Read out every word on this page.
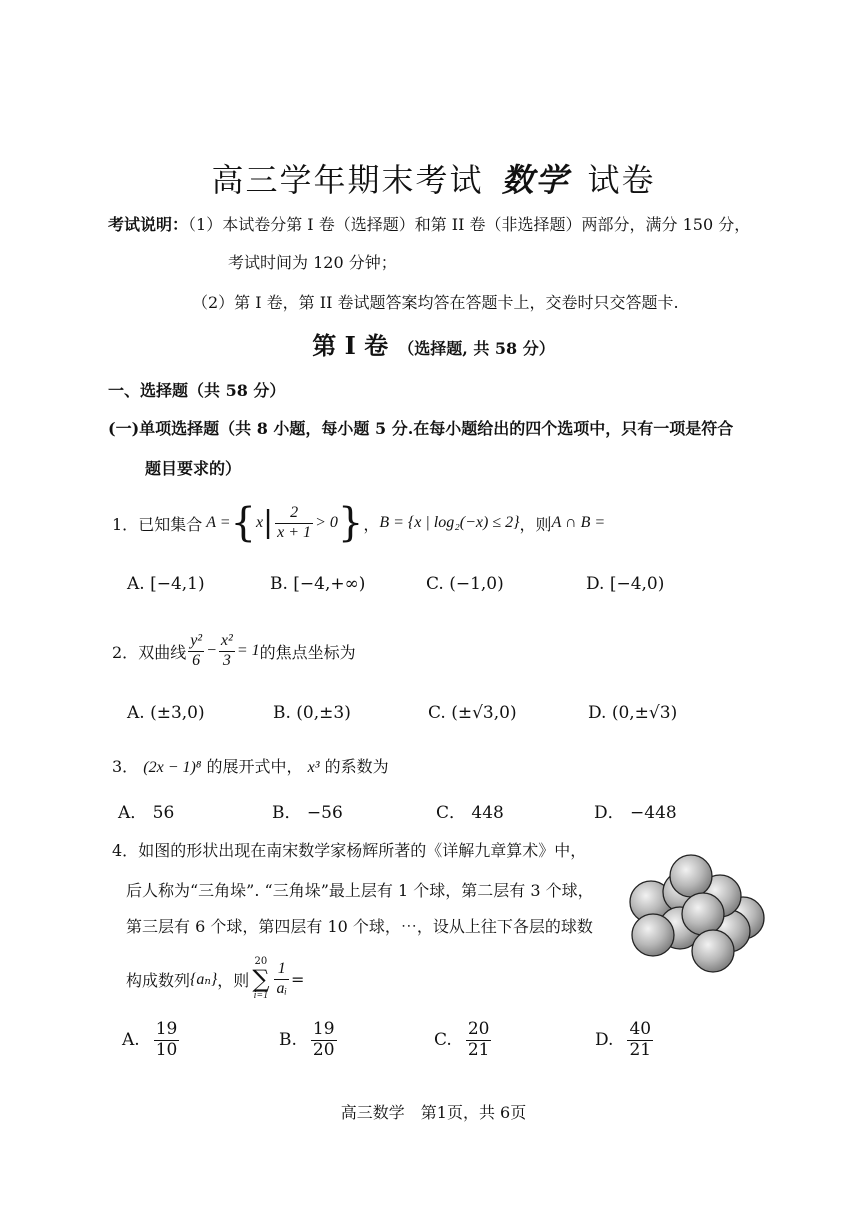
高三学年期末考试 数学 试卷
考试说明：（1）本试卷分第 I 卷（选择题）和第 II 卷（非选择题）两部分，满分 150 分，
考试时间为 120 分钟；
（2）第 I 卷，第 II 卷试题答案均答在答题卡上，交卷时只交答题卡.
第 I 卷 （选择题, 共 58 分）
一、选择题（共 58 分）
(一)单项选择题（共 8 小题，每小题 5 分.在每小题给出的四个选项中，只有一项是符合
题目要求的）
1． 已知集合 A = { x | $\frac{2}{x + 1} > 0$ } ， B = {x | log₂(−x) ≤ 2} ，则 A ∩ B =
A. [−4,1)	B. [−4,+∞)	C. (−1,0)	D. [−4,0)
2． 双曲线 $\frac{\text{y²}}{6} - \frac{\text{x²}}{3} = 1$ 的焦点坐标为
A. (±3,0)	B. (0,±3)	C. (±√3,0)	D. (0,±√3)
3． (2x − 1)⁸ 的展开式中， x³ 的系数为
A． 56	B． −56	C． 448	D． −448
4．如图的形状出现在南宋数学家杨辉所著的《详解九章算术》中，
后人称为“三角垛”. “三角垛”最上层有 1 个球，第二层有 3 个球，
第三层有 6 个球，第四层有 10 个球，⋯，设从上往下各层的球数
构成数列 {aₙ} ，则
20
∑
$i=1 \frac{1}{\text{aᵢ}}$ =
A. $\frac{19}{10}$	B. $\frac{19}{20}$	C. $\frac{20}{21}$	D. $\frac{40}{21}$
高三数学　第1页，共 6页
